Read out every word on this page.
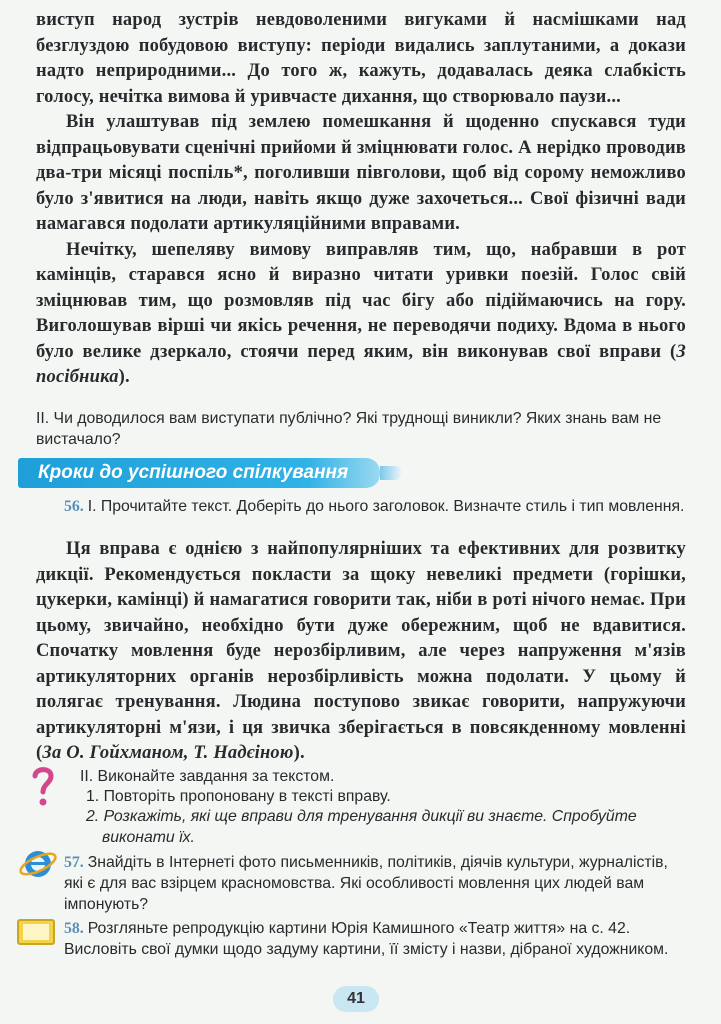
виступ народ зустрів невдоволеними вигуками й насмішками над безглуздою побудовою виступу: періоди видались заплутаними, а докази надто неприродними... До того ж, кажуть, додавалась деяка слабкість голосу, нечітка вимова й уривчасте дихання, що створювало паузи...

Він улаштував під землею помешкання й щоденно спускався туди відпрацьовувати сценічні прийоми й зміцнювати голос. А нерідко проводив два-три місяці поспіль*, поголивши півголови, щоб від сорому неможливо було з'явитися на люди, навіть якщо дуже захочеться... Свої фізичні вади намагався подолати артикуляційними вправами.

Нечітку, шепеляву вимову виправляв тим, що, набравши в рот камінців, старався ясно й виразно читати уривки поезій. Голос свій зміцнював тим, що розмовляв під час бігу або підіймаючись на гору. Виголошував вірші чи якісь речення, не переводячи подиху. Вдома в нього було велике дзеркало, стоячи перед яким, він виконував свої вправи (З посібника).

II. Чи доводилося вам виступати публічно? Які труднощі виникли? Яких знань вам не вистачало?
Кроки до успішного спілкування
56. I. Прочитайте текст. Доберіть до нього заголовок. Визначте стиль і тип мовлення.

Ця вправа є однією з найпопулярніших та ефективних для розвитку дикції. Рекомендується покласти за щоку невеликі предмети (горішки, цукерки, камінці) й намагатися говорити так, ніби в роті нічого немає. При цьому, звичайно, необхідно бути дуже обережним, щоб не вдавитися. Спочатку мовлення буде нерозбірливим, але через напруження м'язів артикуляторних органів нерозбірливість можна подолати. У цьому й полягає тренування. Людина поступово звикає говорити, напружуючи артикуляторні м'язи, і ця звичка зберігається в повсякденному мовленні (За О. Гойхманом, Т. Надєіною).

II. Виконайте завдання за текстом.
1. Повторіть пропоновану в тексті вправу.
2. Розкажіть, які ще вправи для тренування дикції ви знаєте. Спробуйте виконати їх.
57. Знайдіть в Інтернеті фото письменників, політиків, діячів культури, журналістів, які є для вас взірцем красномовства. Які особливості мовлення цих людей вам імпонують?
58. Розгляньте репродукцію картини Юрія Камишного «Театр життя» на с. 42. Висловіть свої думки щодо задуму картини, її змісту і назви, дібраної художником.
41
